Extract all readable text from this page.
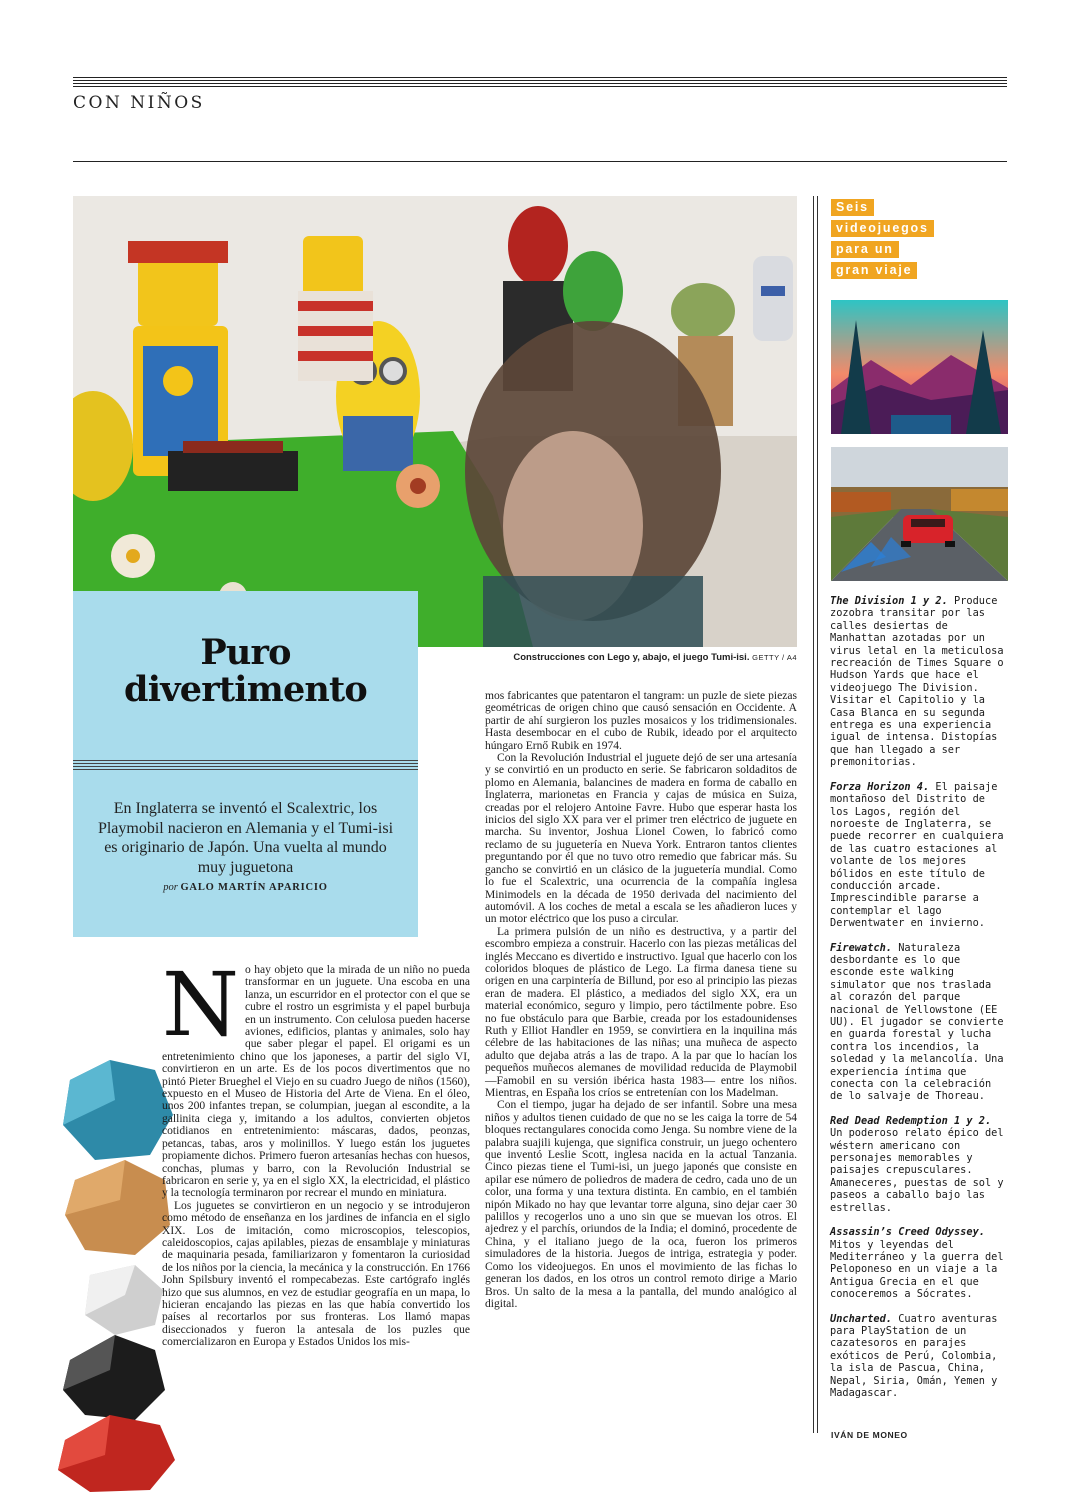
CON NIÑOS
Construcciones con Lego y, abajo, el juego Tumi-isi. GETTY / A4
Puro
divertimento
En Inglaterra se inventó el Scalextric, los Playmobil nacieron en Alemania y el Tumi-isi es originario de Japón. Una vuelta al mundo muy juguetona
por GALO MARTÍN APARICIO

No hay objeto que la mirada de un niño no pueda transformar en un juguete. Una escoba en una lanza, un escurridor en el protector con el que se cubre el rostro un esgrimista y el papel burbuja en un instrumento. Con celulosa pueden hacerse aviones, edificios, plantas y animales, solo hay que saber plegar el papel. El origami es un entretenimiento chino que los japoneses, a partir del siglo VI, convirtieron en un arte. Es de los pocos divertimentos que no pintó Pieter Brueghel el Viejo en su cuadro Juego de niños (1560), expuesto en el Museo de Historia del Arte de Viena. En el óleo, unos 200 infantes trepan, se columpian, juegan al escondite, a la gallinita ciega y, imitando a los adultos, convierten objetos cotidianos en entretenimiento: máscaras, dados, peonzas, petancas, tabas, aros y molinillos. Y luego están los juguetes propiamente dichos. Primero fueron artesanías hechas con huesos, conchas, plumas y barro, con la Revolución Industrial se fabricaron en serie y, ya en el siglo XX, la electricidad, el plástico y la tecnología terminaron por recrear el mundo en miniatura.

Los juguetes se convirtieron en un negocio y se introdujeron como método de enseñanza en los jardines de infancia en el siglo XIX. Los de imitación, como microscopios, telescopios, caleidoscopios, cajas apilables, piezas de ensamblaje y miniaturas de maquinaria pesada, familiarizaron y fomentaron la curiosidad de los niños por la ciencia, la mecánica y la construcción. En 1766 John Spilsbury inventó el rompecabezas. Este cartógrafo inglés hizo que sus alumnos, en vez de estudiar geografía en un mapa, lo hicieran encajando las piezas en las que había convertido los países al recortarlos por sus fronteras. Los llamó mapas diseccionados y fueron la antesala de los puzles que comercializaron en Europa y Estados Unidos los mis-

mos fabricantes que patentaron el tangram: un puzle de siete piezas geométricas de origen chino que causó sensación en Occidente. A partir de ahí surgieron los puzles mosaicos y los tridimensionales. Hasta desembocar en el cubo de Rubik, ideado por el arquitecto húngaro Ernő Rubik en 1974.

Con la Revolución Industrial el juguete dejó de ser una artesanía y se convirtió en un producto en serie. Se fabricaron soldaditos de plomo en Alemania, balancines de madera en forma de caballo en Inglaterra, marionetas en Francia y cajas de música en Suiza, creadas por el relojero Antoine Favre. Hubo que esperar hasta los inicios del siglo XX para ver el primer tren eléctrico de juguete en marcha. Su inventor, Joshua Lionel Cowen, lo fabricó como reclamo de su juguetería en Nueva York. Entraron tantos clientes preguntando por él que no tuvo otro remedio que fabricar más. Su gancho se convirtió en un clásico de la juguetería mundial. Como lo fue el Scalextric, una ocurrencia de la compañía inglesa Minimodels en la década de 1950 derivada del nacimiento del automóvil. A los coches de metal a escala se les añadieron luces y un motor eléctrico que los puso a circular.

La primera pulsión de un niño es destructiva, y a partir del escombro empieza a construir. Hacerlo con las piezas metálicas del inglés Meccano es divertido e instructivo. Igual que hacerlo con los coloridos bloques de plástico de Lego. La firma danesa tiene su origen en una carpintería de Billund, por eso al principio las piezas eran de madera. El plástico, a mediados del siglo XX, era un material económico, seguro y limpio, pero táctilmente pobre. Eso no fue obstáculo para que Barbie, creada por los estadounidenses Ruth y Elliot Handler en 1959, se convirtiera en la inquilina más célebre de las habitaciones de las niñas; una muñeca de aspecto adulto que dejaba atrás a las de trapo. A la par que lo hacían los pequeños muñecos alemanes de movilidad reducida de Playmobil —Famobil en su versión ibérica hasta 1983— entre los niños. Mientras, en España los críos se entretenían con los Madelman.

Con el tiempo, jugar ha dejado de ser infantil. Sobre una mesa niños y adultos tienen cuidado de que no se les caiga la torre de 54 bloques rectangulares conocida como Jenga. Su nombre viene de la palabra suajili kujenga, que significa construir, un juego ochentero que inventó Leslie Scott, inglesa nacida en la actual Tanzania. Cinco piezas tiene el Tumi-isi, un juego japonés que consiste en apilar ese número de poliedros de madera de cedro, cada uno de un color, una forma y una textura distinta. En cambio, en el también nipón Mikado no hay que levantar torre alguna, sino dejar caer 30 palillos y recogerlos uno a uno sin que se muevan los otros. El ajedrez y el parchís, oriundos de la India; el dominó, procedente de China, y el italiano juego de la oca, fueron los primeros simuladores de la historia. Juegos de intriga, estrategia y poder. Como los videojuegos. En unos el movimiento de las fichas lo generan los dados, en los otros un control remoto dirige a Mario Bros. Un salto de la mesa a la pantalla, del mundo analógico al digital.

Seis
videojuegos
para un
gran viaje

The Division 1 y 2. Produce zozobra transitar por las calles desiertas de Manhattan azotadas por un virus letal en la meticulosa recreación de Times Square o Hudson Yards que hace el videojuego The Division. Visitar el Capitolio y la Casa Blanca en su segunda entrega es una experiencia igual de intensa. Distopías que han llegado a ser premonitorias.

Forza Horizon 4. El paisaje montañoso del Distrito de los Lagos, región del noroeste de Inglaterra, se puede recorrer en cualquiera de las cuatro estaciones al volante de los mejores bólidos en este título de conducción arcade. Imprescindible pararse a contemplar el lago Derwentwater en invierno.

Firewatch. Naturaleza desbordante es lo que esconde este walking simulator que nos traslada al corazón del parque nacional de Yellowstone (EE UU). El jugador se convierte en guarda forestal y lucha contra los incendios, la soledad y la melancolía. Una experiencia íntima que conecta con la celebración de lo salvaje de Thoreau.

Red Dead Redemption 1 y 2. Un poderoso relato épico del wéstern americano con personajes memorables y paisajes crepusculares. Amaneceres, puestas de sol y paseos a caballo bajo las estrellas.

Assassin’s Creed Odyssey. Mitos y leyendas del Mediterráneo y la guerra del Peloponeso en un viaje a la Antigua Grecia en el que conoceremos a Sócrates.

Uncharted. Cuatro aventuras para PlayStation de un cazatesoros en parajes exóticos de Perú, Colombia, la isla de Pascua, China, Nepal, Siria, Omán, Yemen y Madagascar.

IVÁN DE MONEO
